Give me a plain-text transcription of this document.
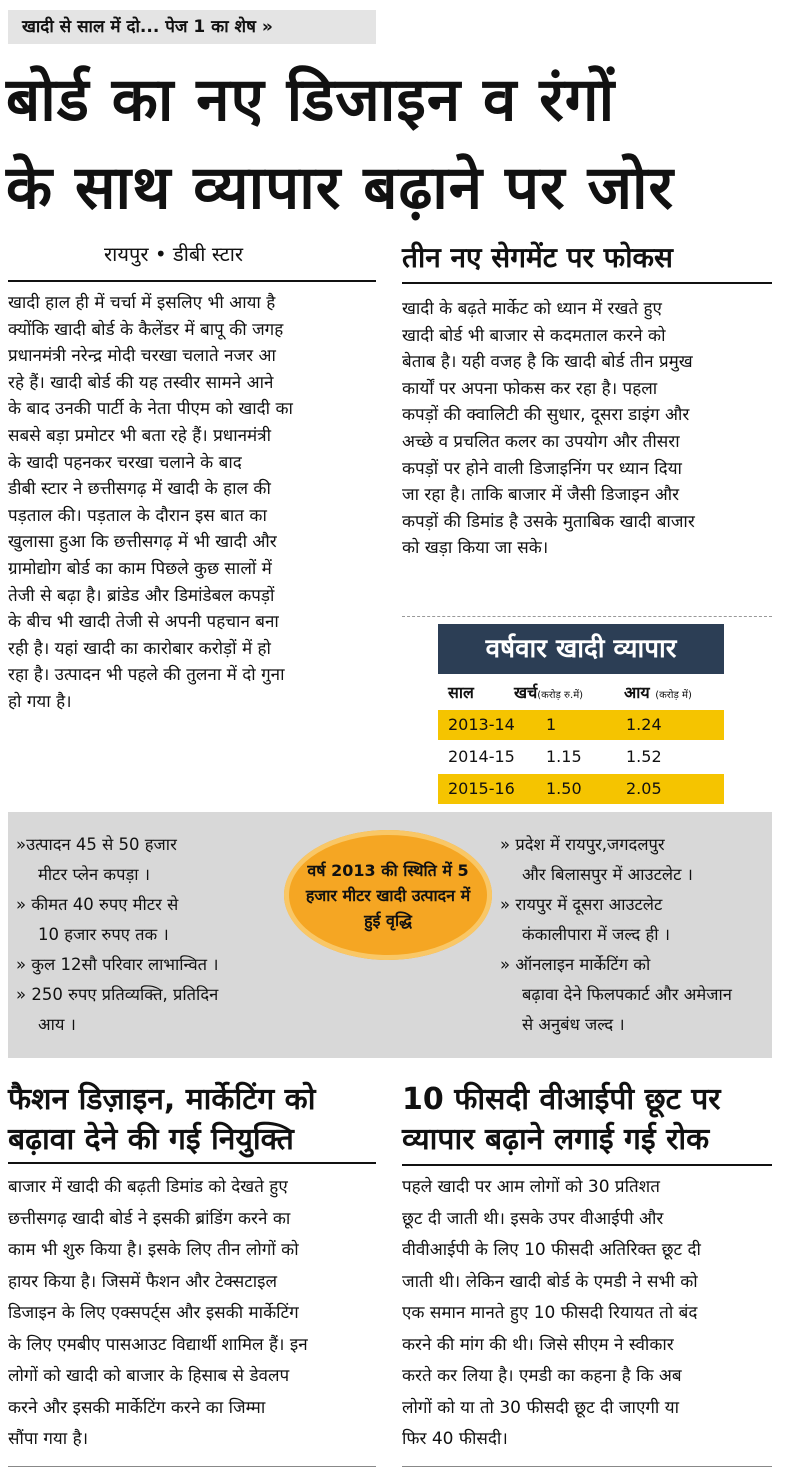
खादी से साल में दो... पेज 1 का शेष »
बोर्ड का नए डिजाइन व रंगों
के साथ व्यापार बढ़ाने पर जोर
रायपुर • डीबी स्टार	तीन नए सेगमेंट पर फोकस
खादी हाल ही में चर्चा में इसलिए भी आया है
क्योंकि खादी बोर्ड के कैलेंडर में बापू की जगह
प्रधानमंत्री नरेन्द्र मोदी चरखा चलाते नजर आ
रहे हैं। खादी बोर्ड की यह तस्वीर सामने आने
के बाद उनकी पार्टी के नेता पीएम को खादी का
सबसे बड़ा प्रमोटर भी बता रहे हैं। प्रधानमंत्री
के खादी पहनकर चरखा चलाने के बाद
डीबी स्टार ने छत्तीसगढ़ में खादी के हाल की
पड़ताल की। पड़ताल के दौरान इस बात का
खुलासा हुआ कि छत्तीसगढ़ में भी खादी और
ग्रामोद्योग बोर्ड का काम पिछले कुछ सालों में
तेजी से बढ़ा है। ब्रांडेड और डिमांडेबल कपड़ों
के बीच भी खादी तेजी से अपनी पहचान बना
रही है। यहां खादी का कारोबार करोड़ों में हो
रहा है। उत्पादन भी पहले की तुलना में दो गुना
हो गया है।
खादी के बढ़ते मार्केट को ध्यान में रखते हुए
खादी बोर्ड भी बाजार से कदमताल करने को
बेताब है। यही वजह है कि खादी बोर्ड तीन प्रमुख
कार्यों पर अपना फोकस कर रहा है। पहला
कपड़ों की क्वालिटी की सुधार, दूसरा डाइंग और
अच्छे व प्रचलित कलर का उपयोग और तीसरा
कपड़ों पर होने वाली डिजाइनिंग पर ध्यान दिया
जा रहा है। ताकि बाजार में जैसी डिजाइन और
कपड़ों की डिमांड है उसके मुताबिक खादी बाजार
को खड़ा किया जा सके।
वर्षवार खादी व्यापार
साल	खर्च(करोड़ रु.में)	आय (करोड़ में)
2013-14 1	1.24
2014-15 1.15	1.52
2015-16 1.50	2.05
»उत्पादन 45 से 50 हजार
मीटर प्लेन कपड़ा ।
» कीमत 40 रुपए मीटर से
10 हजार रुपए तक ।
» कुल 12सौ परिवार लाभान्वित ।
» 250 रुपए प्रतिव्यक्ति, प्रतिदिन
आय ।
वर्ष 2013 की स्थिति में 5 हजार मीटर खादी उत्पादन में हुई वृद्धि
» प्रदेश में रायपुर,जगदलपुर
और बिलासपुर में आउटलेट ।
» रायपुर में दूसरा आउटलेट
कंकालीपारा में जल्द ही ।
» ऑनलाइन मार्केटिंग को
बढ़ावा देने फिलपकार्ट और अमेजान
से अनुबंध जल्द ।
फैशन डिज़ाइन, मार्केटिंग को
बढ़ावा देने की गई नियुक्ति
बाजार में खादी की बढ़ती डिमांड को देखते हुए
छत्तीसगढ़ खादी बोर्ड ने इसकी ब्रांडिंग करने का
काम भी शुरु किया है। इसके लिए तीन लोगों को
हायर किया है। जिसमें फैशन और टेक्सटाइल
डिजाइन के लिए एक्सपर्ट्स और इसकी मार्केटिंग
के लिए एमबीए पासआउट विद्यार्थी शामिल हैं। इन
लोगों को खादी को बाजार के हिसाब से डेवलप
करने और इसकी मार्केटिंग करने का जिम्मा
सौंपा गया है।
10 फीसदी वीआईपी छूट पर
व्यापार बढ़ाने लगाई गई रोक
पहले खादी पर आम लोगों को 30 प्रतिशत
छूट दी जाती थी। इसके उपर वीआईपी और
वीवीआईपी के लिए 10 फीसदी अतिरिक्त छूट दी
जाती थी। लेकिन खादी बोर्ड के एमडी ने सभी को
एक समान मानते हुए 10 फीसदी रियायत तो बंद
करने की मांग की थी। जिसे सीएम ने स्वीकार
करते कर लिया है। एमडी का कहना है कि अब
लोगों को या तो 30 फीसदी छूट दी जाएगी या
फिर 40 फीसदी।
